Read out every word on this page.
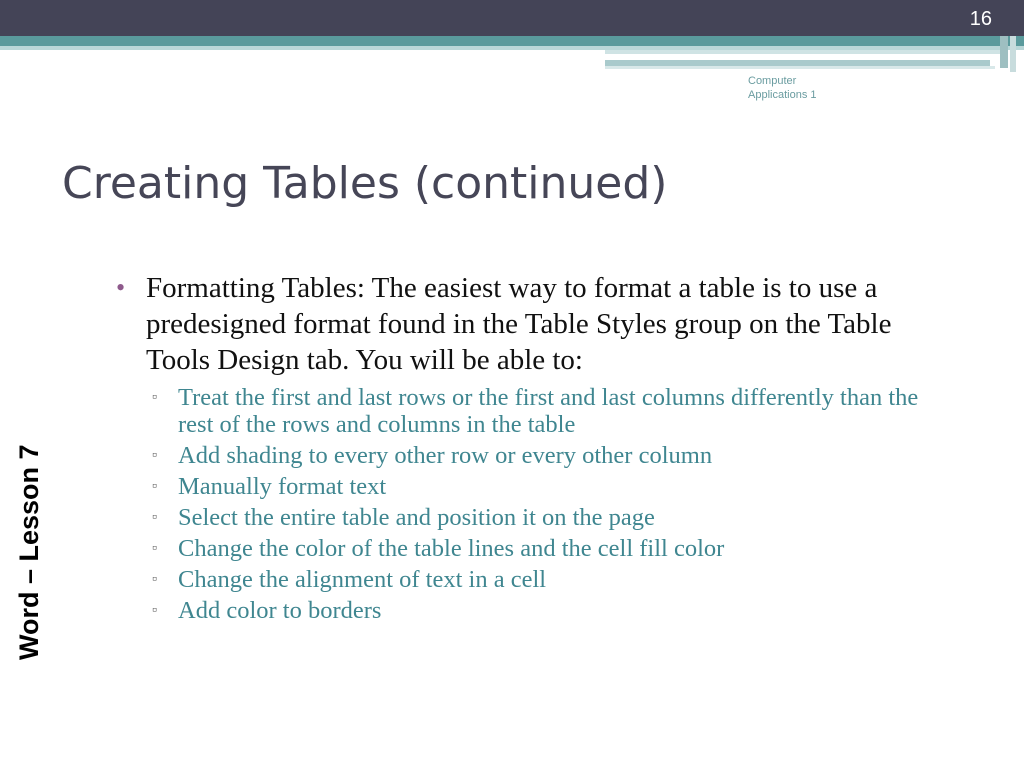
16
Computer
Applications 1
Creating Tables (continued)
Word – Lesson 7
• Formatting Tables: The easiest way to format a table is to use a predesigned format found in the Table Styles group on the Table Tools Design tab. You will be able to:
▫ Treat the first and last rows or the first and last columns differently than the rest of the rows and columns in the table
▫ Add shading to every other row or every other column
▫ Manually format text
▫ Select the entire table and position it on the page
▫ Change the color of the table lines and the cell fill color
▫ Change the alignment of text in a cell
▫ Add color to borders
